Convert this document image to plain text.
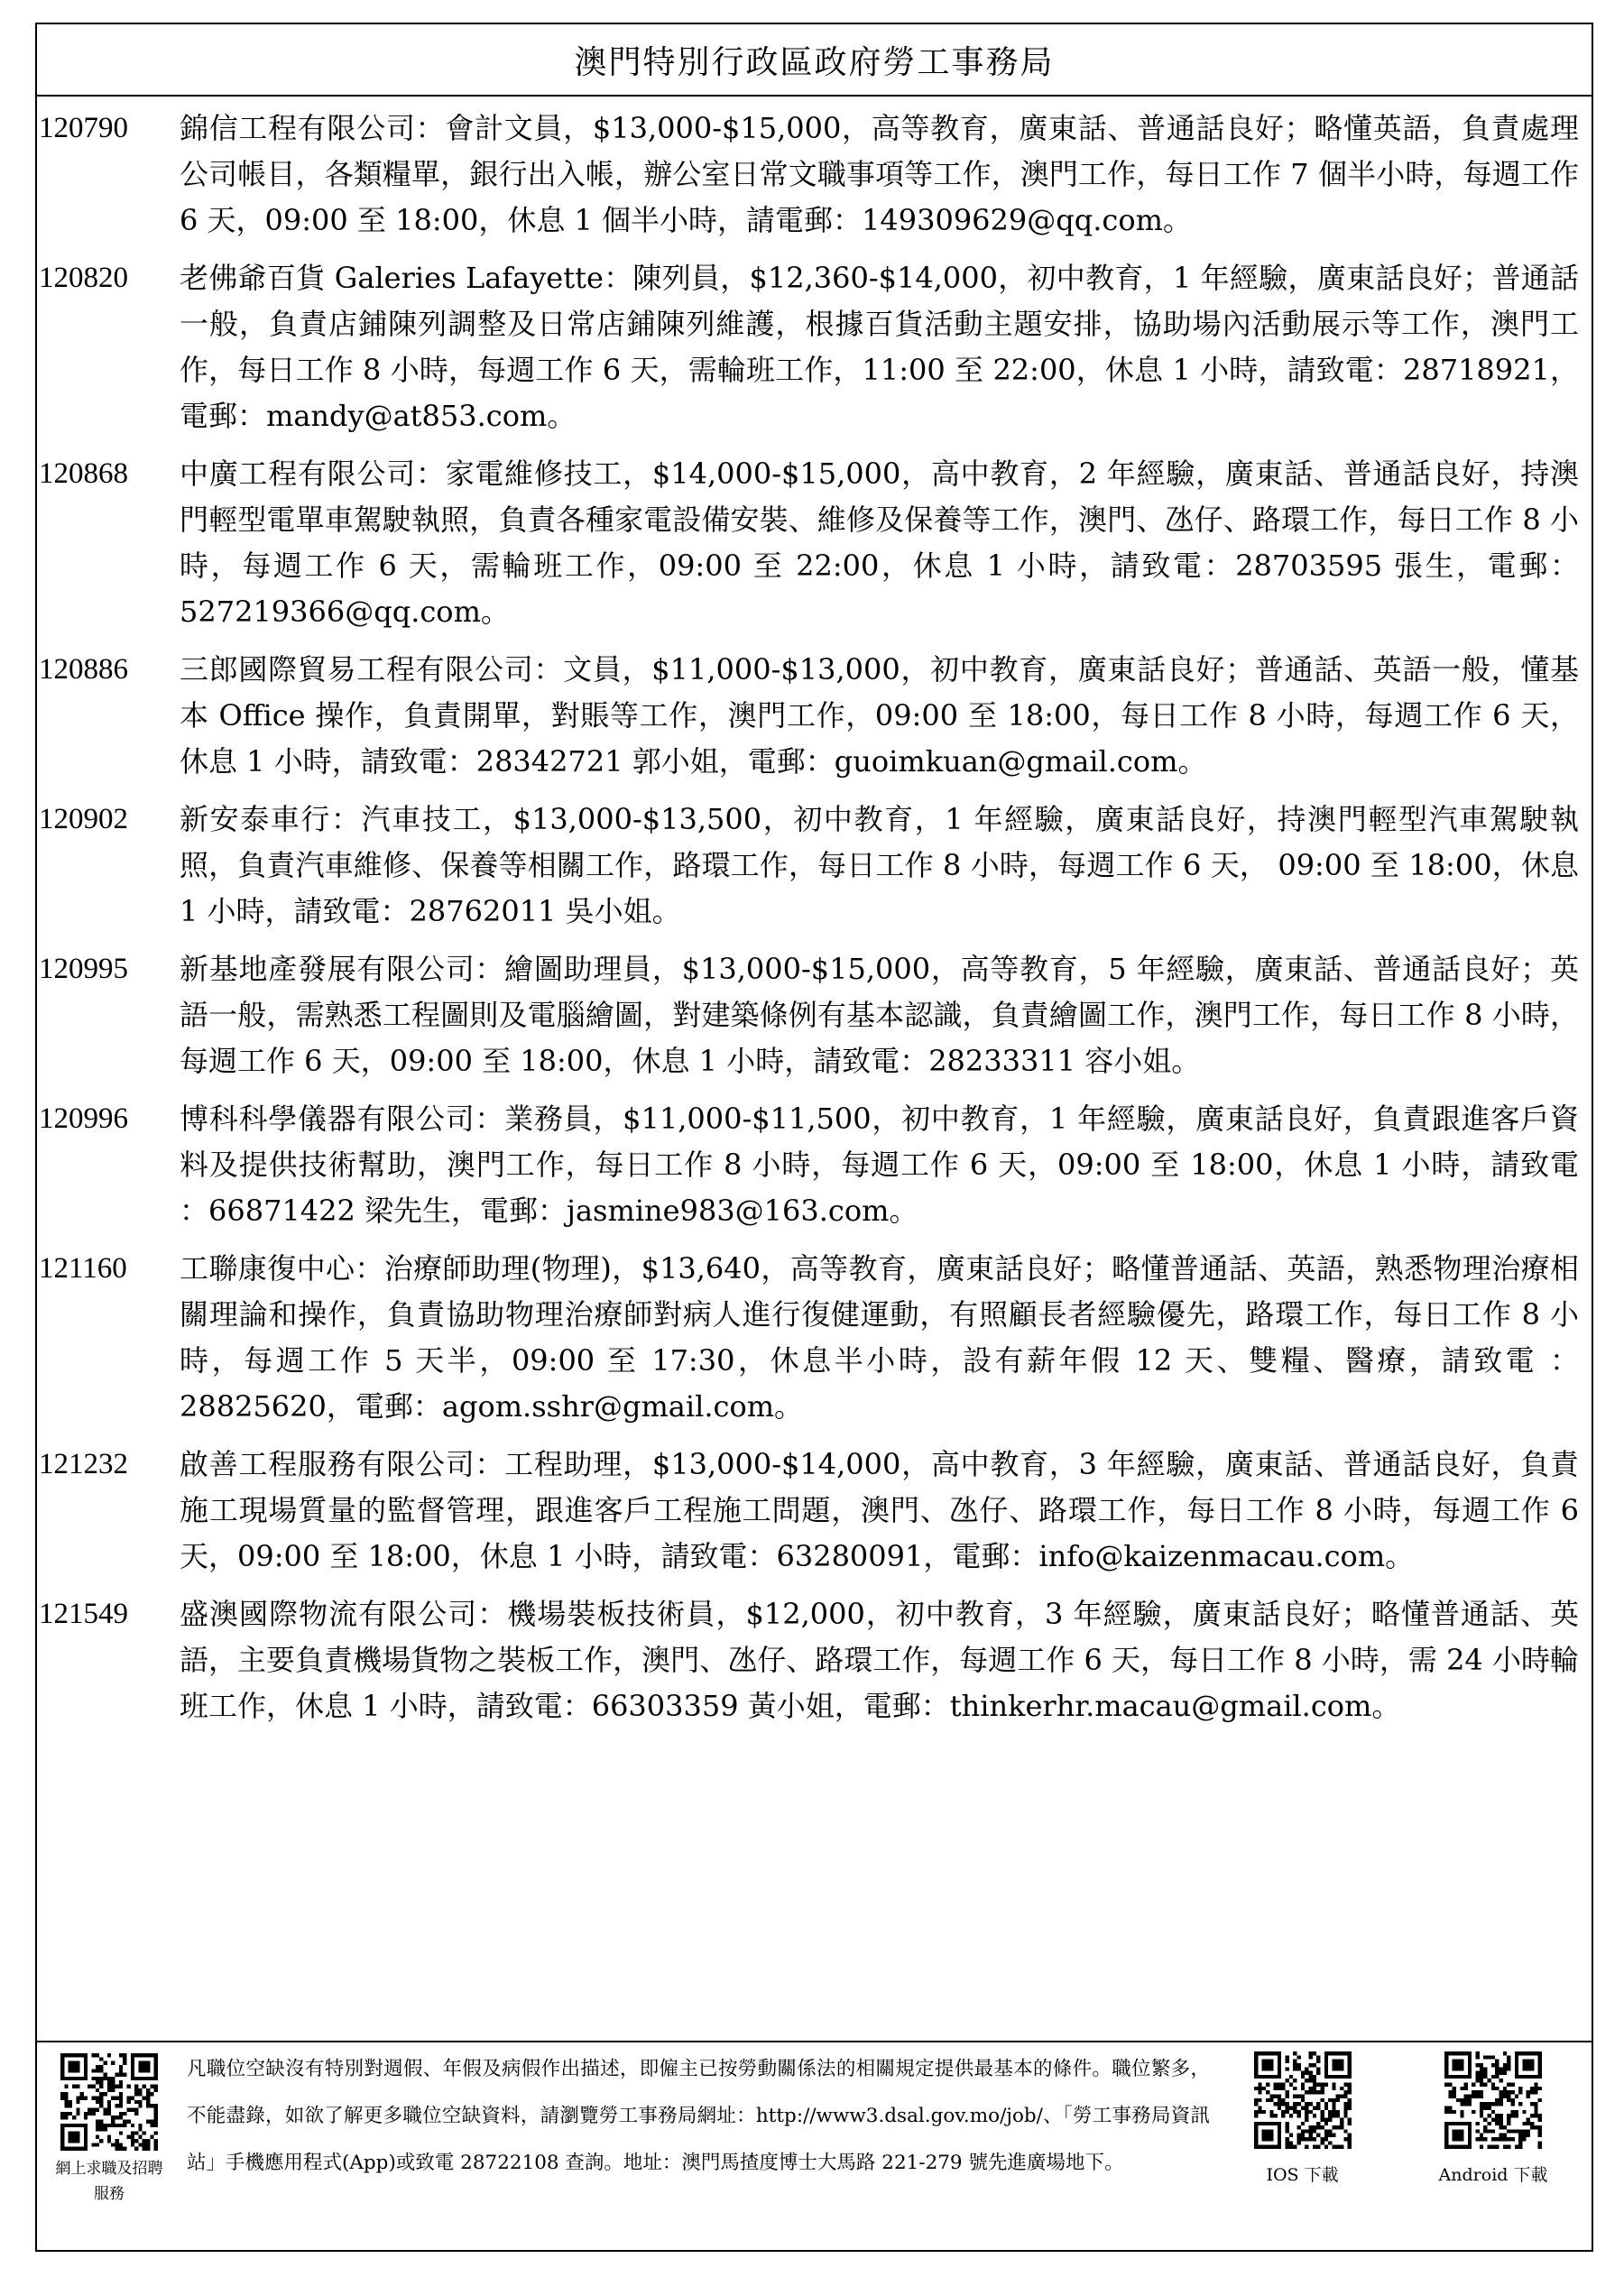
澳門特別行政區政府勞工事務局
120790	錦信工程有限公司：會計文員，$13,000-$15,000，高等教育，廣東話、普通話良好；略懂英語，負責處理公司帳目，各類糧單，銀行出入帳，辦公室日常文職事項等工作，澳門工作，每日工作 7 個半小時，每週工作 6 天，09:00 至 18:00，休息 1 個半小時，請電郵：149309629@qq.com。
120820	老佛爺百貨 Galeries Lafayette：陳列員，$12,360-$14,000，初中教育，1 年經驗，廣東話良好；普通話一般，負責店鋪陳列調整及日常店鋪陳列維護，根據百貨活動主題安排，協助場內活動展示等工作，澳門工作，每日工作 8 小時，每週工作 6 天，需輪班工作，11:00 至 22:00，休息 1 小時，請致電：28718921，電郵：mandy@at853.com。
120868	中廣工程有限公司：家電維修技工，$14,000-$15,000，高中教育，2 年經驗，廣東話、普通話良好，持澳門輕型電單車駕駛執照，負責各種家電設備安裝、維修及保養等工作，澳門、氹仔、路環工作，每日工作 8 小時，每週工作 6 天，需輪班工作，09:00 至 22:00，休息 1 小時，請致電：28703595 張生，電郵：527219366@qq.com。
120886	三郎國際貿易工程有限公司：文員，$11,000-$13,000，初中教育，廣東話良好；普通話、英語一般，懂基本 Office 操作，負責開單，對賬等工作，澳門工作，09:00 至 18:00，每日工作 8 小時，每週工作 6 天，休息 1 小時，請致電：28342721 郭小姐，電郵：guoimkuan@gmail.com。
120902	新安泰車行：汽車技工，$13,000-$13,500，初中教育，1 年經驗，廣東話良好，持澳門輕型汽車駕駛執照，負責汽車維修、保養等相關工作，路環工作，每日工作 8 小時，每週工作 6 天， 09:00 至 18:00，休息 1 小時，請致電：28762011 吳小姐。
120995	新基地產發展有限公司：繪圖助理員，$13,000-$15,000，高等教育，5 年經驗，廣東話、普通話良好；英語一般，需熟悉工程圖則及電腦繪圖，對建築條例有基本認識，負責繪圖工作，澳門工作，每日工作 8 小時，每週工作 6 天，09:00 至 18:00，休息 1 小時，請致電：28233311 容小姐。
120996	博科科學儀器有限公司：業務員，$11,000-$11,500，初中教育，1 年經驗，廣東話良好，負責跟進客戶資料及提供技術幫助，澳門工作，每日工作 8 小時，每週工作 6 天，09:00 至 18:00，休息 1 小時，請致電 ：66871422 梁先生，電郵：jasmine983@163.com。
121160	工聯康復中心：治療師助理(物理)，$13,640，高等教育，廣東話良好；略懂普通話、英語，熟悉物理治療相關理論和操作，負責協助物理治療師對病人進行復健運動，有照顧長者經驗優先，路環工作，每日工作 8 小時，每週工作 5 天半，09:00 至 17:30，休息半小時，設有薪年假 12 天、雙糧、醫療，請致電 ：28825620，電郵：agom.sshr@gmail.com。
121232	啟善工程服務有限公司：工程助理，$13,000-$14,000，高中教育，3 年經驗，廣東話、普通話良好，負責施工現場質量的監督管理，跟進客戶工程施工問題，澳門、氹仔、路環工作，每日工作 8 小時，每週工作 6 天，09:00 至 18:00，休息 1 小時，請致電：63280091，電郵：info@kaizenmacau.com。
121549	盛澳國際物流有限公司：機場裝板技術員，$12,000，初中教育，3 年經驗，廣東話良好；略懂普通話、英語，主要負責機場貨物之裝板工作，澳門、氹仔、路環工作，每週工作 6 天，每日工作 8 小時，需 24 小時輪班工作，休息 1 小時，請致電：66303359 黃小姐，電郵：thinkerhr.macau@gmail.com。
網上求職及招聘服務
凡職位空缺沒有特別對週假、年假及病假作出描述，即僱主已按勞動關係法的相關規定提供最基本的條件。職位繁多，不能盡錄，如欲了解更多職位空缺資料，請瀏覽勞工事務局網址：http://www3.dsal.gov.mo/job/、「勞工事務局資訊站」手機應用程式(App)或致電 28722108 查詢。地址：澳門馬揸度博士大馬路 221-279 號先進廣場地下。
IOS 下載	Android 下載
